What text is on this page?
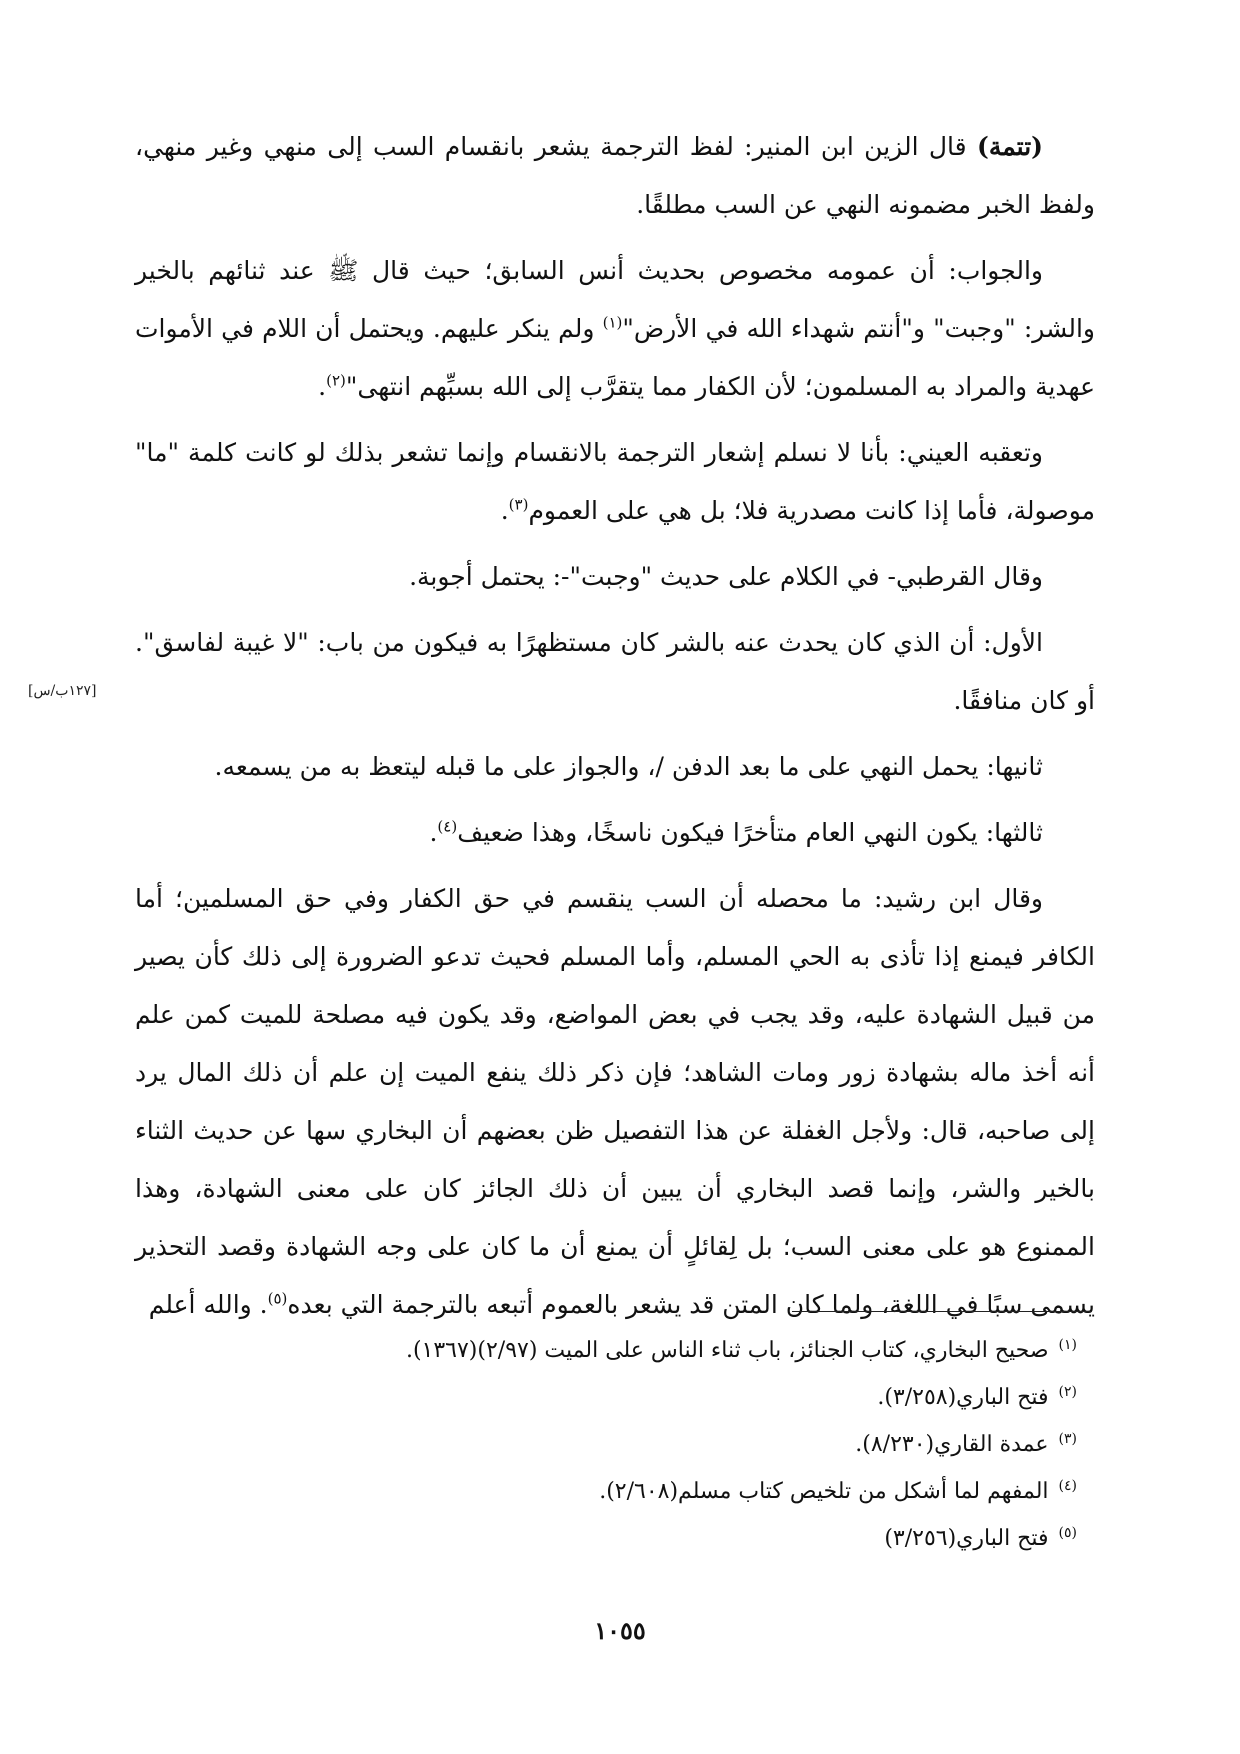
(تتمة) قال الزين ابن المنير: لفظ الترجمة يشعر بانقسام السب إلى منهي وغير منهي، ولفظ الخبر مضمونه النهي عن السب مطلقًا.

والجواب: أن عمومه مخصوص بحديث أنس السابق؛ حيث قال ﷺ عند ثنائهم بالخير والشر: "وجبت" و"أنتم شهداء الله في الأرض"$^{(١)}$ ولم ينكر عليهم. ويحتمل أن اللام في الأموات عهدية والمراد به المسلمون؛ لأن الكفار مما يتقرَّب إلى الله بسبِّهم انتهى"$^{(٢)}$.

وتعقبه العيني: بأنا لا نسلم إشعار الترجمة بالانقسام وإنما تشعر بذلك لو كانت كلمة "ما" موصولة، فأما إذا كانت مصدرية فلا؛ بل هي على العموم$^{(٣)}$.

وقال القرطبي- في الكلام على حديث "وجبت"-: يحتمل أجوبة.

الأول: أن الذي كان يحدث عنه بالشر كان مستظهرًا به فيكون من باب: "لا غيبة لفاسق". أو كان منافقًا.

ثانيها: يحمل النهي على ما بعد الدفن /، والجواز على ما قبله ليتعظ به من يسمعه.

ثالثها: يكون النهي العام متأخرًا فيكون ناسخًا، وهذا ضعيف$^{(٤)}$.

وقال ابن رشيد: ما محصله أن السب ينقسم في حق الكفار وفي حق المسلمين؛ أما الكافر فيمنع إذا تأذى به الحي المسلم، وأما المسلم فحيث تدعو الضرورة إلى ذلك كأن يصير من قبيل الشهادة عليه، وقد يجب في بعض المواضع، وقد يكون فيه مصلحة للميت كمن علم أنه أخذ ماله بشهادة زور ومات الشاهد؛ فإن ذكر ذلك ينفع الميت إن علم أن ذلك المال يرد إلى صاحبه، قال: ولأجل الغفلة عن هذا التفصيل ظن بعضهم أن البخاري سها عن حديث الثناء بالخير والشر، وإنما قصد البخاري أن يبين أن ذلك الجائز كان على معنى الشهادة، وهذا الممنوع هو على معنى السب؛ بل لِقائلٍ أن يمنع أن ما كان على وجه الشهادة وقصد التحذير يسمى سبًا في اللغة، ولما كان المتن قد يشعر بالعموم أتبعه بالترجمة التي بعده$^{(٥)}$. والله أعلم

[١٢٧ب/س]

$^{(١)}$صحيح البخاري، كتاب الجنائز، باب ثناء الناس على الميت (٢/٩٧)(١٣٦٧).

$^{(٢)}$فتح الباري(٣/٢٥٨).

$^{(٣)}$عمدة القاري(٨/٢٣٠).

$^{(٤)}$المفهم لما أشكل من تلخيص كتاب مسلم(٢/٦٠٨).

$^{(٥)}$فتح الباري(٣/٢٥٦)

١٠٥٥
